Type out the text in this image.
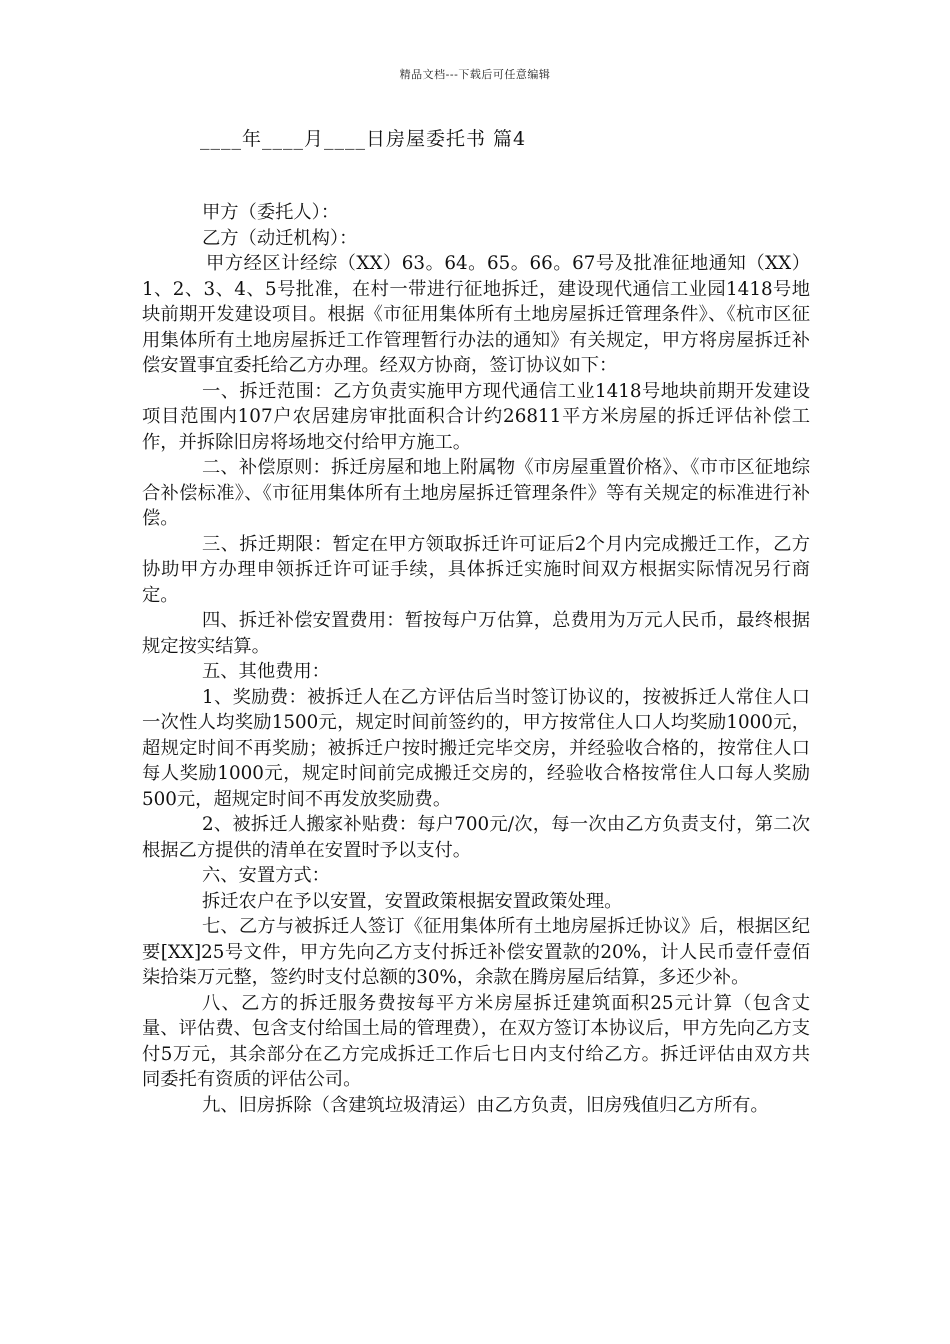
精品文档---下载后可任意编辑
____年____月____日房屋委托书 篇4

甲方（委托人）：

乙方（动迁机构）：

甲方经区计经综（XX）63。64。65。66。67号及批准征地通知（XX）1、2、3、4、5号批准，在村一带进行征地拆迁，建设现代通信工业园1418号地块前期开发建设项目。根据《市征用集体所有土地房屋拆迁管理条件》、《杭市区征用集体所有土地房屋拆迁工作管理暂行办法的通知》有关规定，甲方将房屋拆迁补偿安置事宜委托给乙方办理。经双方协商，签订协议如下：

一、拆迁范围：乙方负责实施甲方现代通信工业1418号地块前期开发建设项目范围内107户农居建房审批面积合计约26811平方米房屋的拆迁评估补偿工作，并拆除旧房将场地交付给甲方施工。

二、补偿原则：拆迁房屋和地上附属物《市房屋重置价格》、《市市区征地综合补偿标准》、《市征用集体所有土地房屋拆迁管理条件》等有关规定的标准进行补偿。

三、拆迁期限：暂定在甲方领取拆迁许可证后2个月内完成搬迁工作，乙方协助甲方办理申领拆迁许可证手续，具体拆迁实施时间双方根据实际情况另行商定。

四、拆迁补偿安置费用：暂按每户万估算，总费用为万元人民币，最终根据规定按实结算。

五、其他费用：

1、奖励费：被拆迁人在乙方评估后当时签订协议的，按被拆迁人常住人口一次性人均奖励1500元，规定时间前签约的，甲方按常住人口人均奖励1000元，超规定时间不再奖励；被拆迁户按时搬迁完毕交房，并经验收合格的，按常住人口每人奖励1000元，规定时间前完成搬迁交房的，经验收合格按常住人口每人奖励500元，超规定时间不再发放奖励费。

2、被拆迁人搬家补贴费：每户700元/次，每一次由乙方负责支付，第二次根据乙方提供的清单在安置时予以支付。

六、安置方式：

拆迁农户在予以安置，安置政策根据安置政策处理。

七、乙方与被拆迁人签订《征用集体所有土地房屋拆迁协议》后，根据区纪要[XX]25号文件，甲方先向乙方支付拆迁补偿安置款的20%，计人民币壹仟壹佰柒拾柒万元整，签约时支付总额的30%，余款在腾房屋后结算，多还少补。

八、乙方的拆迁服务费按每平方米房屋拆迁建筑面积25元计算（包含丈量、评估费、包含支付给国土局的管理费），在双方签订本协议后，甲方先向乙方支付5万元，其余部分在乙方完成拆迁工作后七日内支付给乙方。拆迁评估由双方共同委托有资质的评估公司。

九、旧房拆除（含建筑垃圾清运）由乙方负责，旧房残值归乙方所有。
